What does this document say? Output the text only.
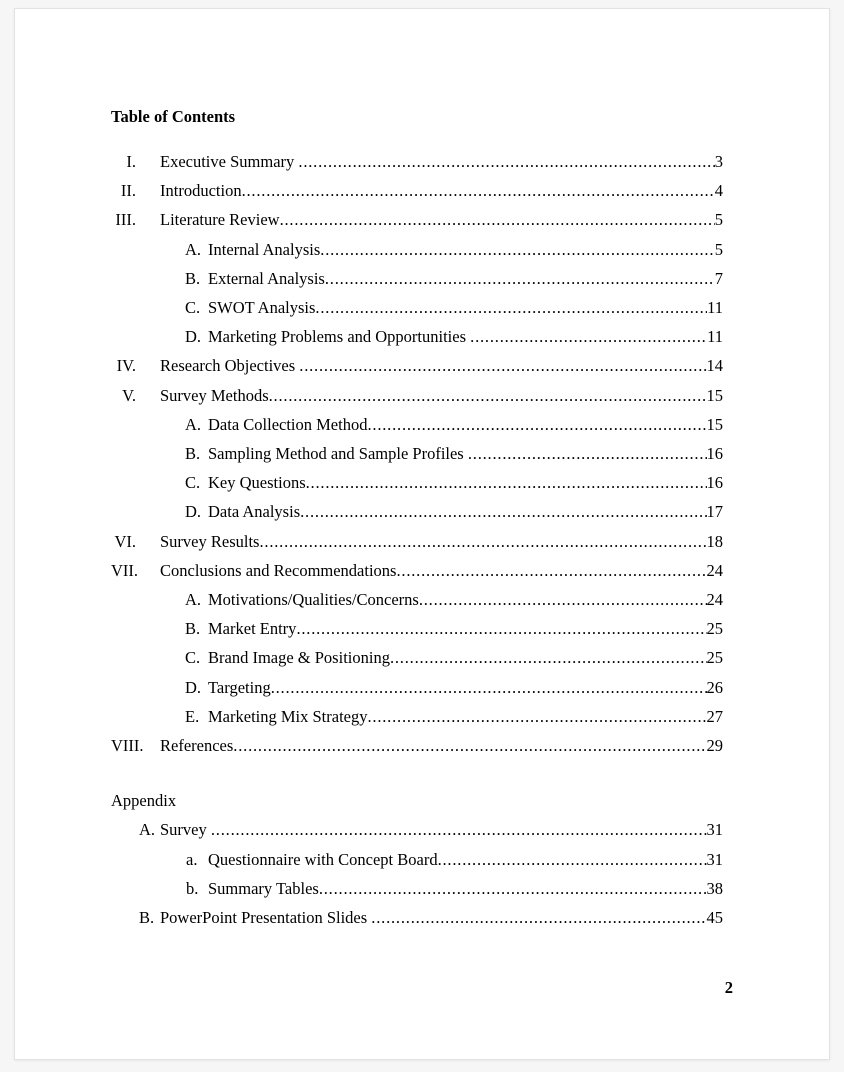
Table of Contents
I. Executive Summary .....	3
II. Introduction .....	4
III. Literature Review .....	5
A. Internal Analysis .....	5
B. External Analysis .....	7
C. SWOT Analysis .....	11
D. Marketing Problems and Opportunities .....	11
IV. Research Objectives .....	14
V. Survey Methods .....	15
A. Data Collection Method .....	15
B. Sampling Method and Sample Profiles .....	16
C. Key Questions .....	16
D. Data Analysis .....	17
VI. Survey Results .....	18
VII. Conclusions and Recommendations .....	24
A. Motivations/Qualities/Concerns .....	24
B. Market Entry .....	25
C. Brand Image & Positioning .....	25
D. Targeting .....	26
E. Marketing Mix Strategy .....	27
VIII. References .....	29
Appendix
A. Survey .....	31
a. Questionnaire with Concept Board .....	31
b. Summary Tables .....	38
B. PowerPoint Presentation Slides .....	45
2
